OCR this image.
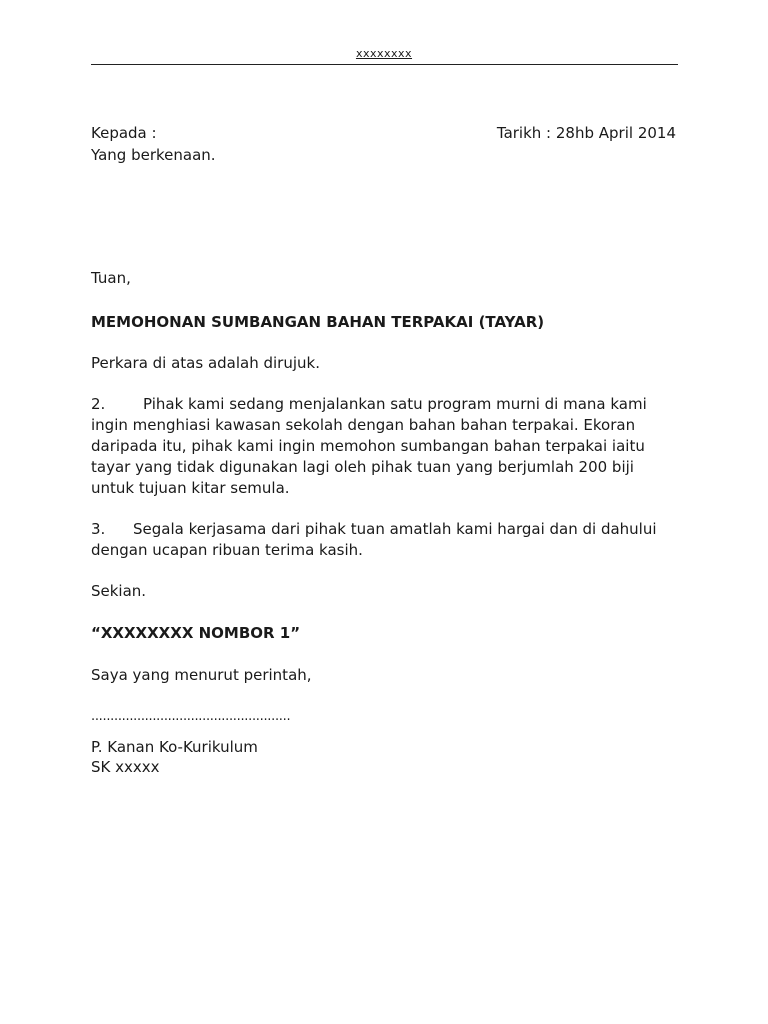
xxxxxxxx
Kepada :	Tarikh : 28hb April 2014
Yang berkenaan.
Tuan,
MEMOHONAN SUMBANGAN BAHAN TERPAKAI (TAYAR)
Perkara di atas adalah dirujuk.
2.	Pihak kami sedang menjalankan satu program murni di mana kami
ingin menghiasi kawasan sekolah dengan bahan bahan terpakai. Ekoran
daripada itu, pihak kami ingin memohon sumbangan bahan terpakai iaitu
tayar yang tidak digunakan lagi oleh pihak tuan yang berjumlah 200 biji
untuk tujuan kitar semula.
3. Segala kerjasama dari pihak tuan amatlah kami hargai dan di dahului
dengan ucapan ribuan terima kasih.
Sekian.
“XXXXXXXX NOMBOR 1”
Saya yang menurut perintah,
....................................................
P. Kanan Ko-Kurikulum
SK xxxxx
